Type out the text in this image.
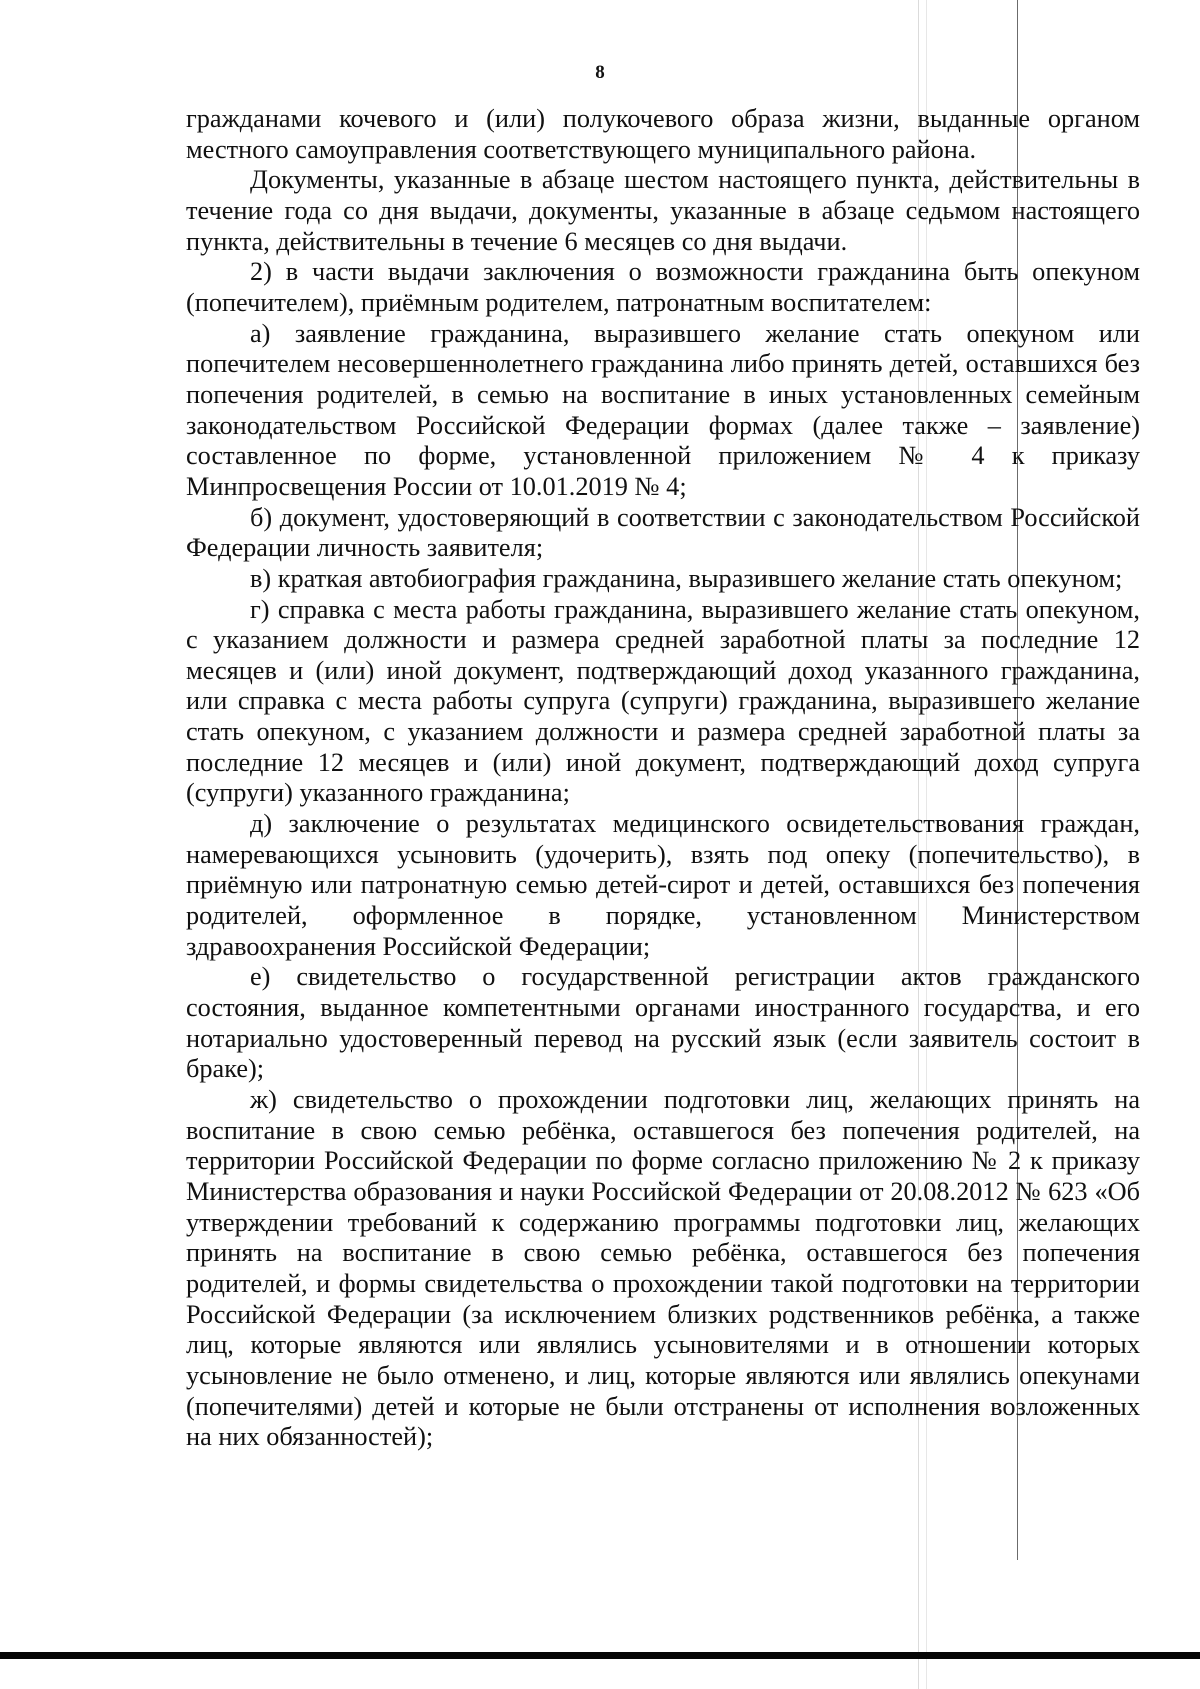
8

гражданами кочевого и (или) полукочевого образа жизни, выданные органом местного самоуправления соответствующего муниципального района.

Документы, указанные в абзаце шестом настоящего пункта, действительны в течение года со дня выдачи, документы, указанные в абзаце седьмом настоящего пункта, действительны в течение 6 месяцев со дня выдачи.

2) в части выдачи заключения о возможности гражданина быть опекуном (попечителем), приёмным родителем, патронатным воспитателем:

а) заявление гражданина, выразившего желание стать опекуном или попечителем несовершеннолетнего гражданина либо принять детей, оставшихся без попечения родителей, в семью на воспитание в иных установленных семейным законодательством Российской Федерации формах (далее также – заявление) составленное по форме, установленной приложением № 4 к приказу Минпросвещения России от 10.01.2019 № 4;

б) документ, удостоверяющий в соответствии с законодательством Российской Федерации личность заявителя;

в) краткая автобиография гражданина, выразившего желание стать опекуном;

г) справка с места работы гражданина, выразившего желание стать опекуном, с указанием должности и размера средней заработной платы за последние 12 месяцев и (или) иной документ, подтверждающий доход указанного гражданина, или справка с места работы супруга (супруги) гражданина, выразившего желание стать опекуном, с указанием должности и размера средней заработной платы за последние 12 месяцев и (или) иной документ, подтверждающий доход супруга (супруги) указанного гражданина;

д) заключение о результатах медицинского освидетельствования граждан, намеревающихся усыновить (удочерить), взять под опеку (попечительство), в приёмную или патронатную семью детей-сирот и детей, оставшихся без попечения родителей, оформленное в порядке, установленном Министерством здравоохранения Российской Федерации;

е) свидетельство о государственной регистрации актов гражданского состояния, выданное компетентными органами иностранного государства, и его нотариально удостоверенный перевод на русский язык (если заявитель состоит в браке);

ж) свидетельство о прохождении подготовки лиц, желающих принять на воспитание в свою семью ребёнка, оставшегося без попечения родителей, на территории Российской Федерации по форме согласно приложению № 2 к приказу Министерства образования и науки Российской Федерации от 20.08.2012 № 623 «Об утверждении требований к содержанию программы подготовки лиц, желающих принять на воспитание в свою семью ребёнка, оставшегося без попечения родителей, и формы свидетельства о прохождении такой подготовки на территории Российской Федерации (за исключением близких родственников ребёнка, а также лиц, которые являются или являлись усыновителями и в отношении которых усыновление не было отменено, и лиц, которые являются или являлись опекунами (попечителями) детей и которые не были отстранены от исполнения возложенных на них обязанностей);
